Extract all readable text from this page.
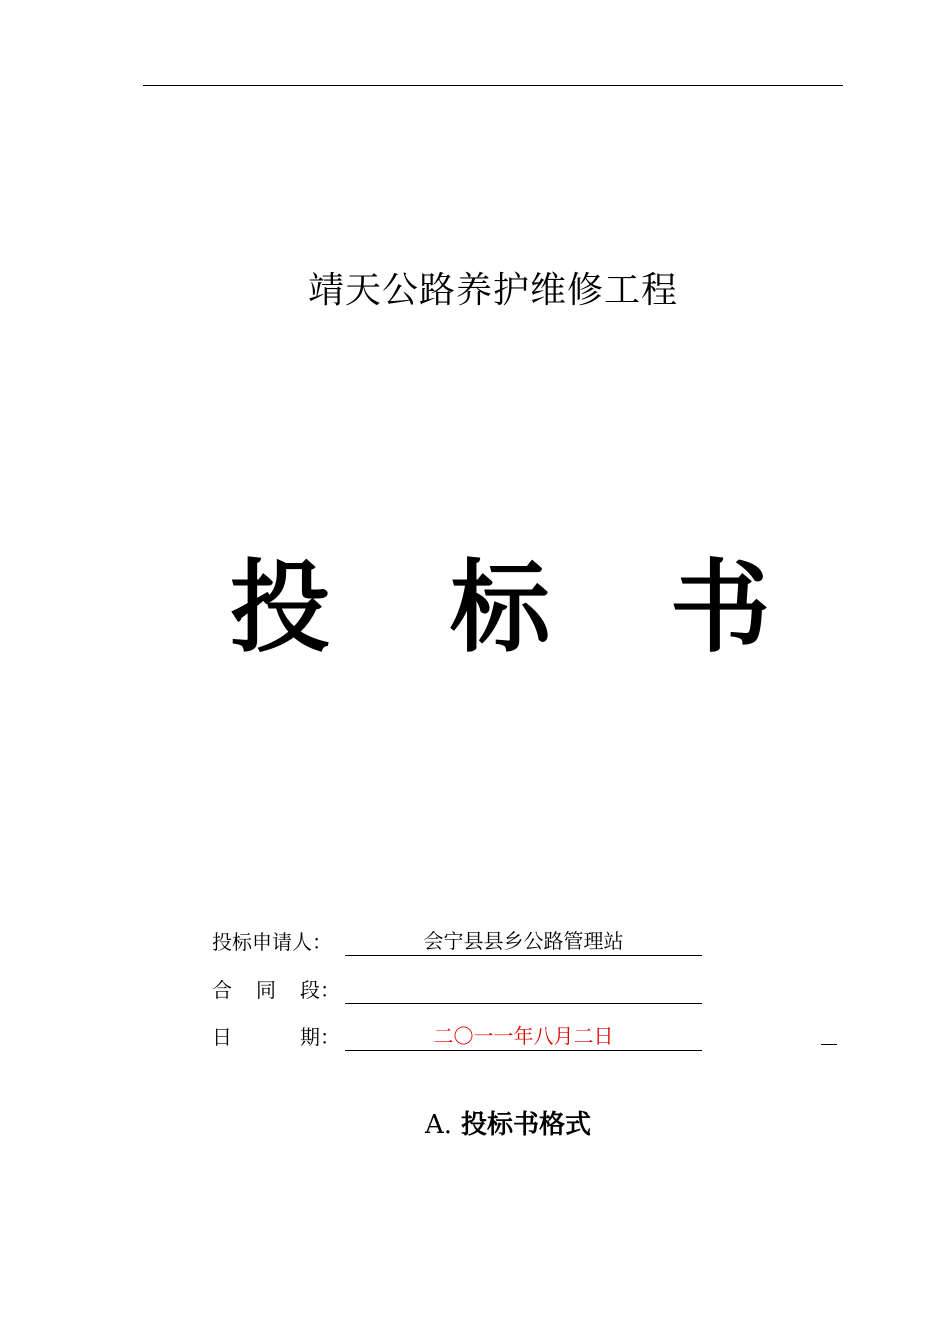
靖天公路养护维修工程
投 标 书
投标申请人：	会宁县县乡公路管理站
合 同 段：
日	期：	二〇一一年八月二日
A. 投标书格式
